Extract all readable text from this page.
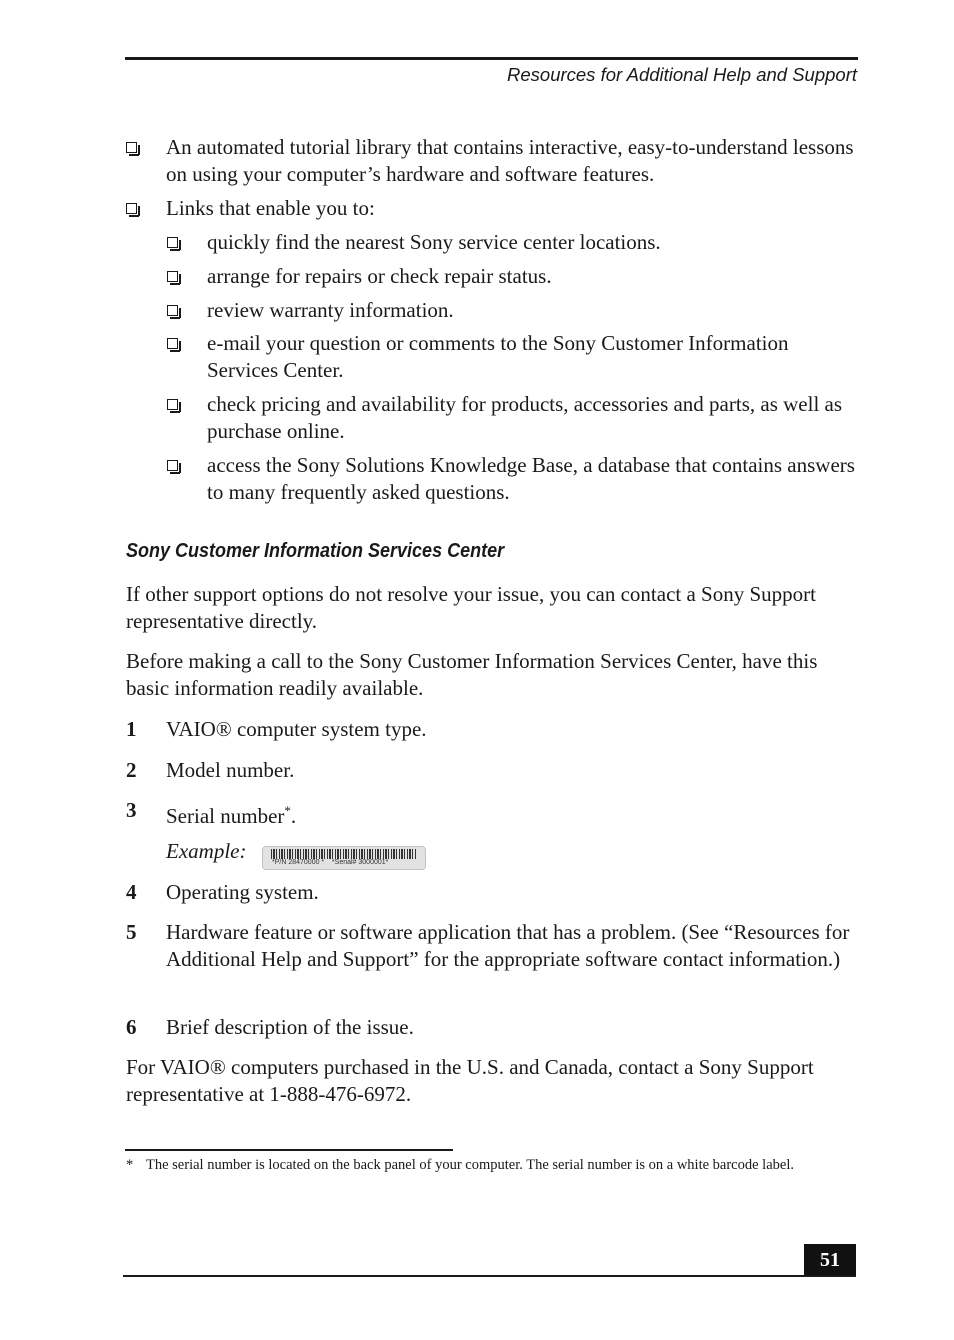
Resources for Additional Help and Support
An automated tutorial library that contains interactive, easy-to-understand lessons on using your computer’s hardware and software features.
Links that enable you to:
quickly find the nearest Sony service center locations.
arrange for repairs or check repair status.
review warranty information.
e-mail your question or comments to the Sony Customer Information Services Center.
check pricing and availability for products, accessories and parts, as well as purchase online.
access the Sony Solutions Knowledge Base, a database that contains answers to many frequently asked questions.
Sony Customer Information Services Center
If other support options do not resolve your issue, you can contact a Sony Support representative directly.
Before making a call to the Sony Customer Information Services Center, have this basic information readily available.
1 VAIO® computer system type.
2 Model number.
3 Serial number*.
Example:	*P/N 28470000 *    *Serial# 3000001*
4 Operating system.
5 Hardware feature or software application that has a problem. (See “Resources for Additional Help and Support” for the appropriate software contact information.)
6 Brief description of the issue.
For VAIO® computers purchased in the U.S. and Canada, contact a Sony Support representative at 1-888-476-6972.
* The serial number is located on the back panel of your computer. The serial number is on a white barcode label.
51
